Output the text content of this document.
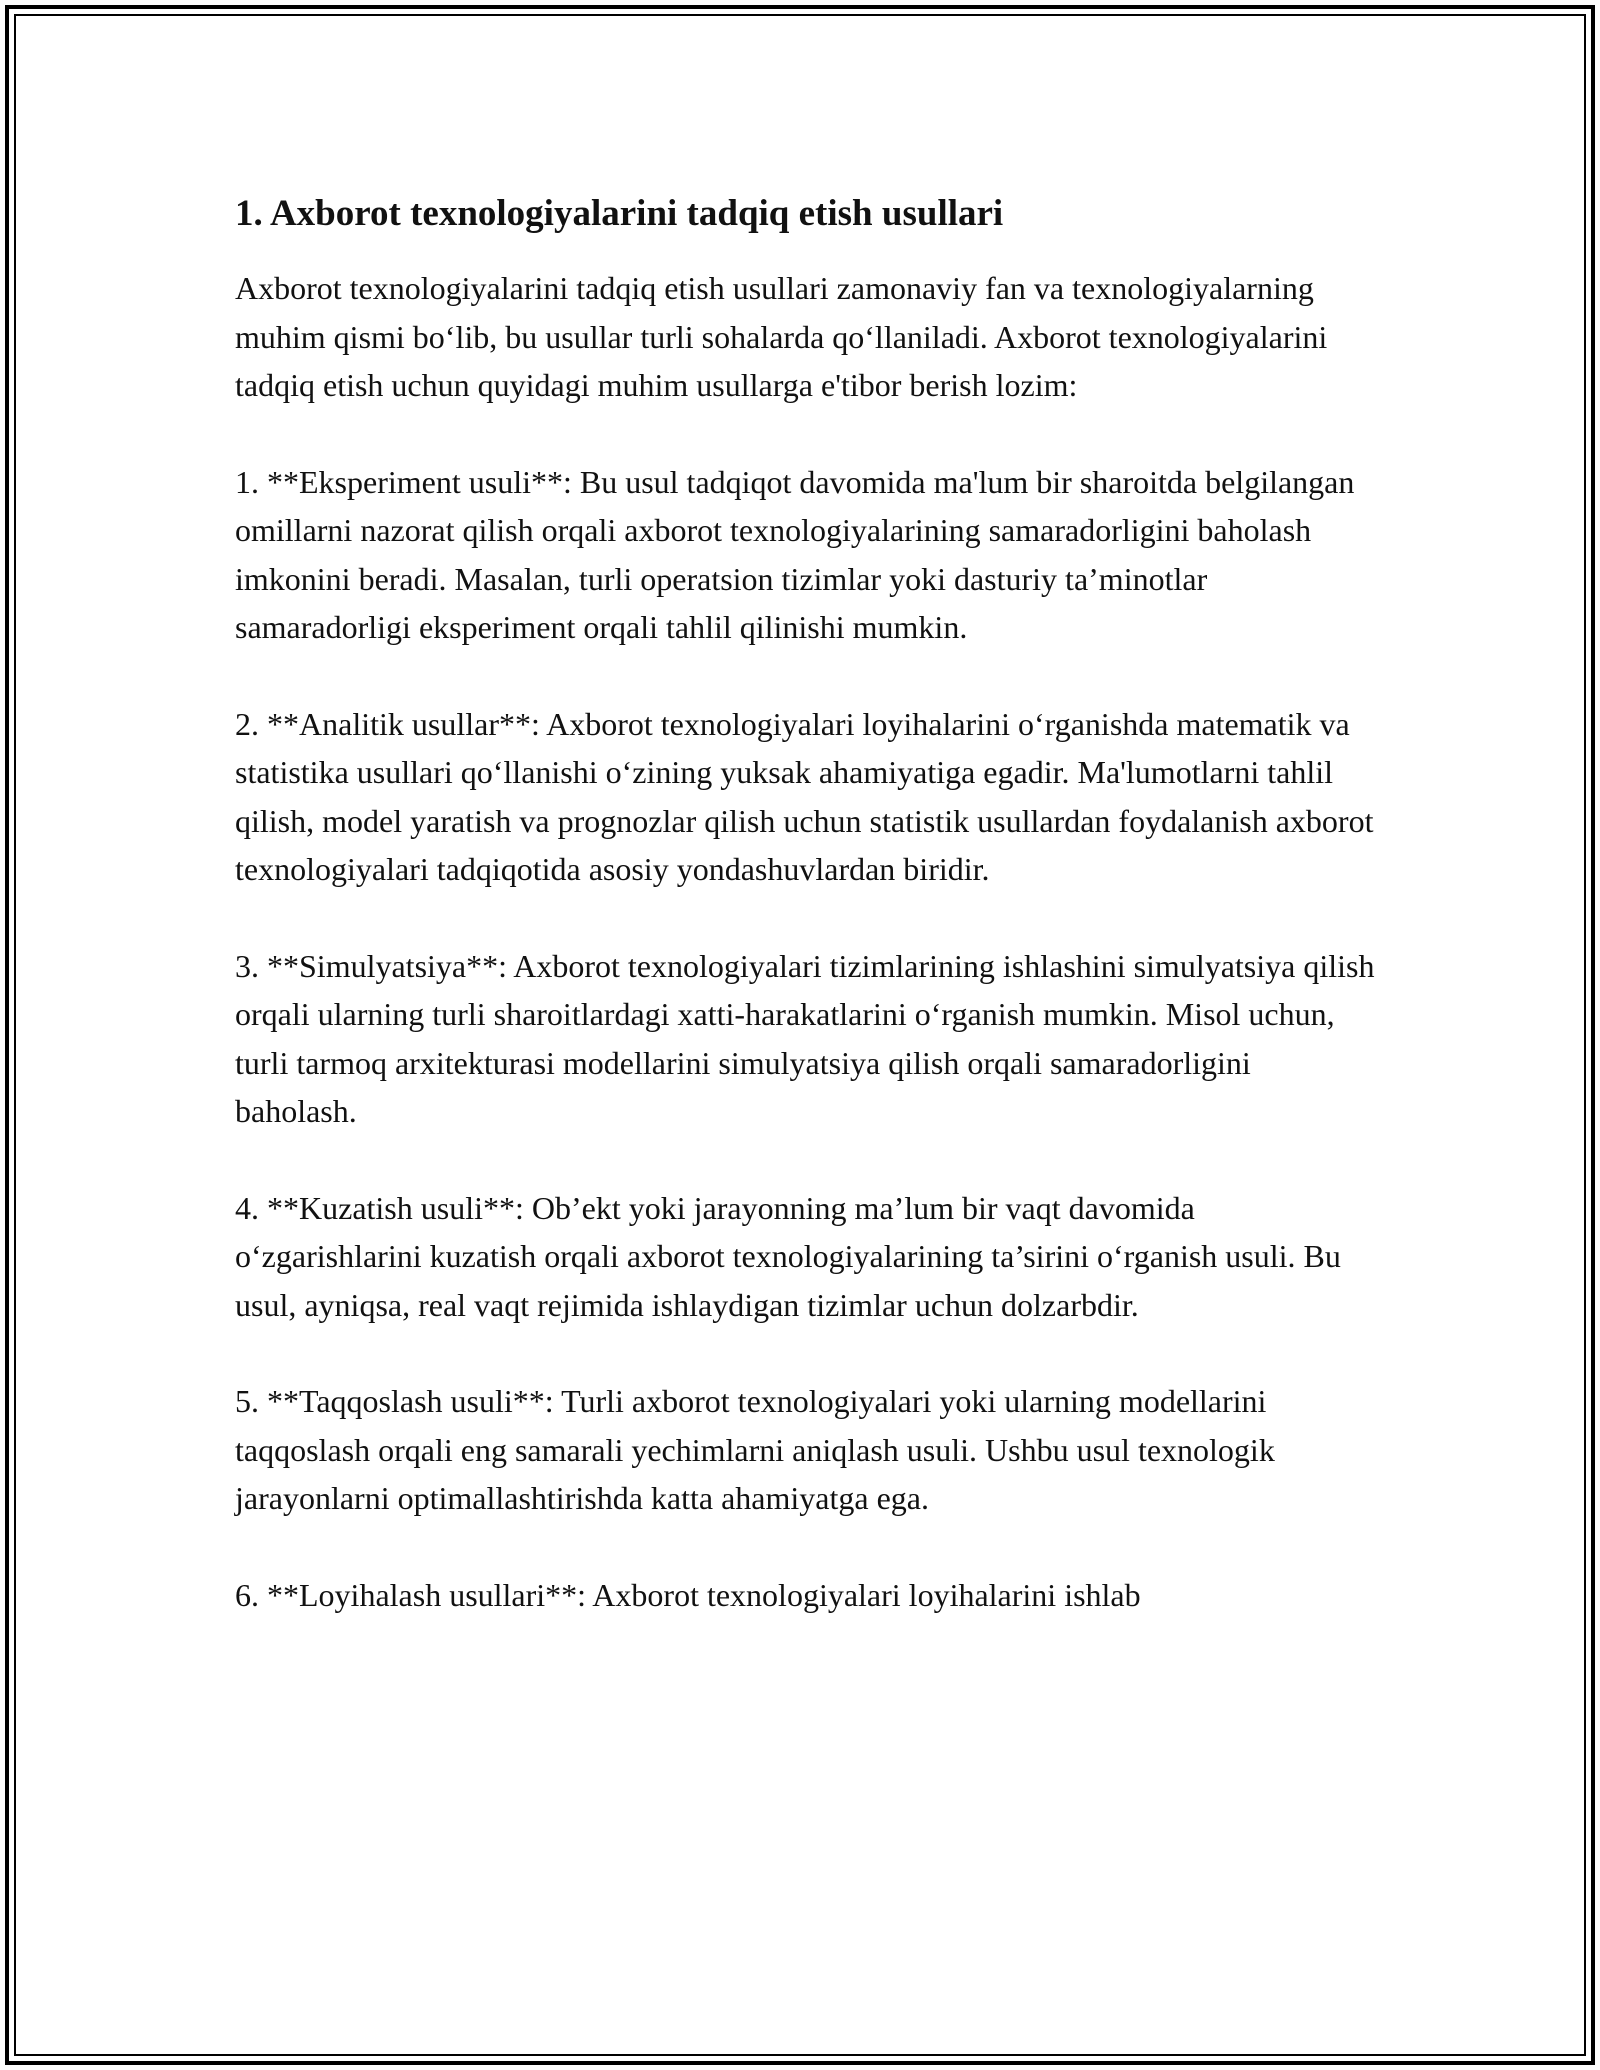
1. Axborot texnologiyalarini tadqiq etish usullari

Axborot texnologiyalarini tadqiq etish usullari zamonaviy fan va texnologiyalarning muhim qismi bo‘lib, bu usullar turli sohalarda qo‘llaniladi. Axborot texnologiyalarini tadqiq etish uchun quyidagi muhim usullarga e'tibor berish lozim:

1. **Eksperiment usuli**: Bu usul tadqiqot davomida ma'lum bir sharoitda belgilangan omillarni nazorat qilish orqali axborot texnologiyalarining samaradorligini baholash imkonini beradi. Masalan, turli operatsion tizimlar yoki dasturiy ta’minotlar samaradorligi eksperiment orqali tahlil qilinishi mumkin.

2. **Analitik usullar**: Axborot texnologiyalari loyihalarini o‘rganishda matematik va statistika usullari qo‘llanishi o‘zining yuksak ahamiyatiga egadir. Ma'lumotlarni tahlil qilish, model yaratish va prognozlar qilish uchun statistik usullardan foydalanish axborot texnologiyalari tadqiqotida asosiy yondashuvlardan biridir.

3. **Simulyatsiya**: Axborot texnologiyalari tizimlarining ishlashini simulyatsiya qilish orqali ularning turli sharoitlardagi xatti-harakatlarini o‘rganish mumkin. Misol uchun, turli tarmoq arxitekturasi modellarini simulyatsiya qilish orqali samaradorligini baholash.

4. **Kuzatish usuli**: Ob’ekt yoki jarayonning ma’lum bir vaqt davomida o‘zgarishlarini kuzatish orqali axborot texnologiyalarining ta’sirini o‘rganish usuli. Bu usul, ayniqsa, real vaqt rejimida ishlaydigan tizimlar uchun dolzarbdir.

5. **Taqqoslash usuli**: Turli axborot texnologiyalari yoki ularning modellarini taqqoslash orqali eng samarali yechimlarni aniqlash usuli. Ushbu usul texnologik jarayonlarni optimallashtirishda katta ahamiyatga ega.

6. **Loyihalash usullari**: Axborot texnologiyalari loyihalarini ishlab
